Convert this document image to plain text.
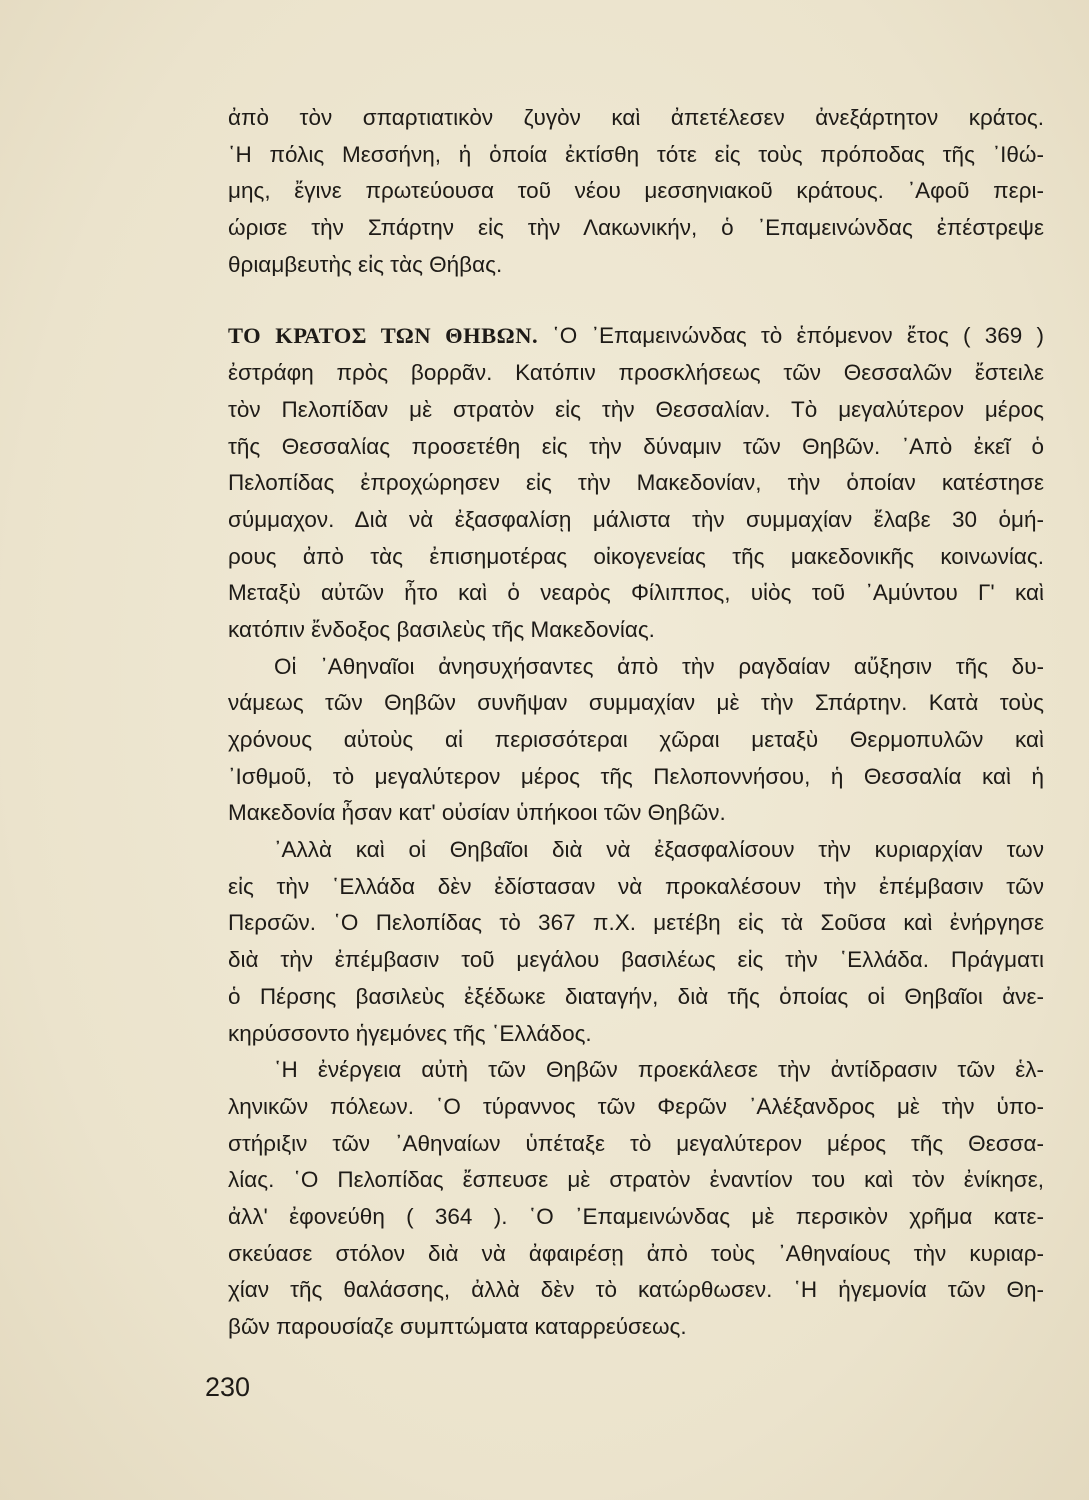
ἀπὸ τὸν σπαρτιατικὸν ζυγὸν καὶ ἀπετέλεσεν ἀνεξάρτητον κράτος.
῾Η πόλις Μεσσήνη, ἡ ὁποία ἐκτίσθη τότε εἰς τοὺς πρόποδας τῆς ᾿Ιθώ-
μης, ἔγινε πρωτεύουσα τοῦ νέου μεσσηνιακοῦ κράτους. ᾿Αφοῦ περι-
ώρισε τὴν Σπάρτην εἰς τὴν Λακωνικήν, ὁ ᾿Επαμεινώνδας ἐπέστρεψε
θριαμβευτὴς εἰς τὰς Θήβας.
ΤΟ ΚΡΑΤΟΣ ΤΩΝ ΘΗΒΩΝ. ῾Ο ᾿Επαμεινώνδας τὸ ἑπόμενον ἔτος ( 369 )
ἐστράφη πρὸς βορρᾶν. Κατόπιν προσκλήσεως τῶν Θεσσαλῶν ἔστειλε
τὸν Πελοπίδαν μὲ στρατὸν εἰς τὴν Θεσσαλίαν. Τὸ μεγαλύτερον μέρος
τῆς Θεσσαλίας προσετέθη εἰς τὴν δύναμιν τῶν Θηβῶν. ᾿Απὸ ἐκεῖ ὁ
Πελοπίδας ἐπροχώρησεν εἰς τὴν Μακεδονίαν, τὴν ὁποίαν κατέστησε
σύμμαχον. Διὰ νὰ ἐξασφαλίσῃ μάλιστα τὴν συμμαχίαν ἔλαβε 30 ὁμή-
ρους ἀπὸ τὰς ἐπισημοτέρας οἰκογενείας τῆς μακεδονικῆς κοινωνίας.
Μεταξὺ αὐτῶν ἦτο καὶ ὁ νεαρὸς Φίλιππος, υἱὸς τοῦ ᾿Αμύντου Γ' καὶ
κατόπιν ἔνδοξος βασιλεὺς τῆς Μακεδονίας.
Οἱ ᾿Αθηναῖοι ἀνησυχήσαντες ἀπὸ τὴν ραγδαίαν αὔξησιν τῆς δυ-
νάμεως τῶν Θηβῶν συνῆψαν συμμαχίαν μὲ τὴν Σπάρτην. Κατὰ τοὺς
χρόνους αὐτοὺς αἱ περισσότεραι χῶραι μεταξὺ Θερμοπυλῶν καὶ
᾿Ισθμοῦ, τὸ μεγαλύτερον μέρος τῆς Πελοποννήσου, ἡ Θεσσαλία καὶ ἡ
Μακεδονία ἦσαν κατ' οὐσίαν ὑπήκοοι τῶν Θηβῶν.
᾿Αλλὰ καὶ οἱ Θηβαῖοι διὰ νὰ ἐξασφαλίσουν τὴν κυριαρχίαν των
εἰς τὴν ῾Ελλάδα δὲν ἐδίστασαν νὰ προκαλέσουν τὴν ἐπέμβασιν τῶν
Περσῶν. ῾Ο Πελοπίδας τὸ 367 π.Χ. μετέβη εἰς τὰ Σοῦσα καὶ ἐνήργησε
διὰ τὴν ἐπέμβασιν τοῦ μεγάλου βασιλέως εἰς τὴν ῾Ελλάδα. Πράγματι
ὁ Πέρσης βασιλεὺς ἐξέδωκε διαταγήν, διὰ τῆς ὁποίας οἱ Θηβαῖοι ἀνε-
κηρύσσοντο ἡγεμόνες τῆς ῾Ελλάδος.
῾Η ἐνέργεια αὐτὴ τῶν Θηβῶν προεκάλεσε τὴν ἀντίδρασιν τῶν ἑλ-
ληνικῶν πόλεων. ῾Ο τύραννος τῶν Φερῶν ᾿Αλέξανδρος μὲ τὴν ὑπο-
στήριξιν τῶν ᾿Αθηναίων ὑπέταξε τὸ μεγαλύτερον μέρος τῆς Θεσσα-
λίας. ῾Ο Πελοπίδας ἔσπευσε μὲ στρατὸν ἐναντίον του καὶ τὸν ἐνίκησε,
ἀλλ' ἐφονεύθη ( 364 ). ῾Ο ᾿Επαμεινώνδας μὲ περσικὸν χρῆμα κατε-
σκεύασε στόλον διὰ νὰ ἀφαιρέσῃ ἀπὸ τοὺς ᾿Αθηναίους τὴν κυριαρ-
χίαν τῆς θαλάσσης, ἀλλὰ δὲν τὸ κατώρθωσεν. ῾Η ἡγεμονία τῶν Θη-
βῶν παρουσίαζε συμπτώματα καταρρεύσεως.
230
